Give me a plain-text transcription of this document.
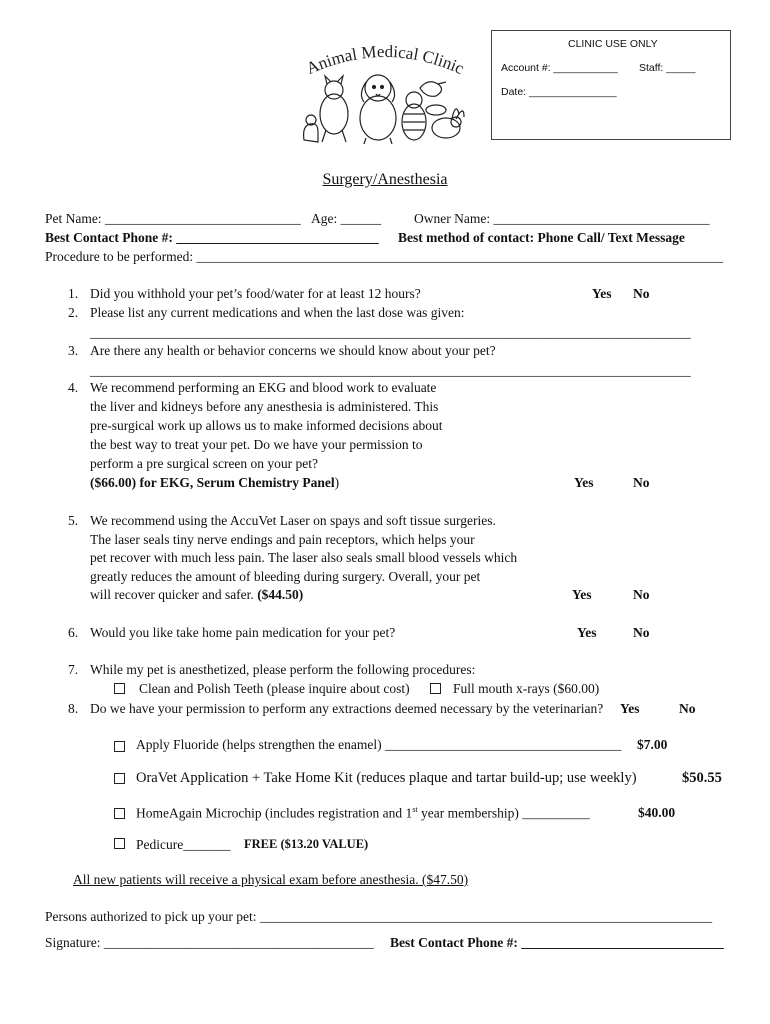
CLINIC USE ONLY
Account #: ___________ Staff: _____
Date: _______________
Animal Medical Clinic
Surgery/Anesthesia
Pet Name: _____________________________ Age: ______ Owner Name: ________________________________
Best Contact Phone #: ______________________________ Best method of contact: Phone Call/ Text Message
Procedure to be performed: ______________________________________________________________________________
1. Did you withhold your pet’s food/water for at least 12 hours?	Yes No
2. Please list any current medications and when the last dose was given:
_________________________________________________________________________________________
3. Are there any health or behavior concerns we should know about your pet?
_________________________________________________________________________________________
4. We recommend performing an EKG and blood work to evaluate
the liver and kidneys before any anesthesia is administered. This
pre-surgical work up allows us to make informed decisions about
the best way to treat your pet. Do we have your permission to
perform a pre surgical screen on your pet?
($66.00) for EKG, Serum Chemistry Panel)	Yes	No
5. We recommend using the AccuVet Laser on spays and soft tissue surgeries.
The laser seals tiny nerve endings and pain receptors, which helps your
pet recover with much less pain. The laser also seals small blood vessels which
greatly reduces the amount of bleeding during surgery. Overall, your pet
will recover quicker and safer. ($44.50)	Yes	No
6. Would you like take home pain medication for your pet?	Yes	No
7. While my pet is anesthetized, please perform the following procedures:
Clean and Polish Teeth (please inquire about cost)	Full mouth x-rays ($60.00)
8. Do we have your permission to perform any extractions deemed necessary by the veterinarian? Yes	No
Apply Fluoride (helps strengthen the enamel) ___________________________________ $7.00
OraVet Application + Take Home Kit (reduces plaque and tartar build-up; use weekly)	$50.55
HomeAgain Microchip (includes registration and 1st year membership) __________	$40.00
Pedicure_______ FREE ($13.20 VALUE)
All new patients will receive a physical exam before anesthesia. ($47.50)
Persons authorized to pick up your pet: ___________________________________________________________________
Signature: ________________________________________ Best Contact Phone #: ______________________________
